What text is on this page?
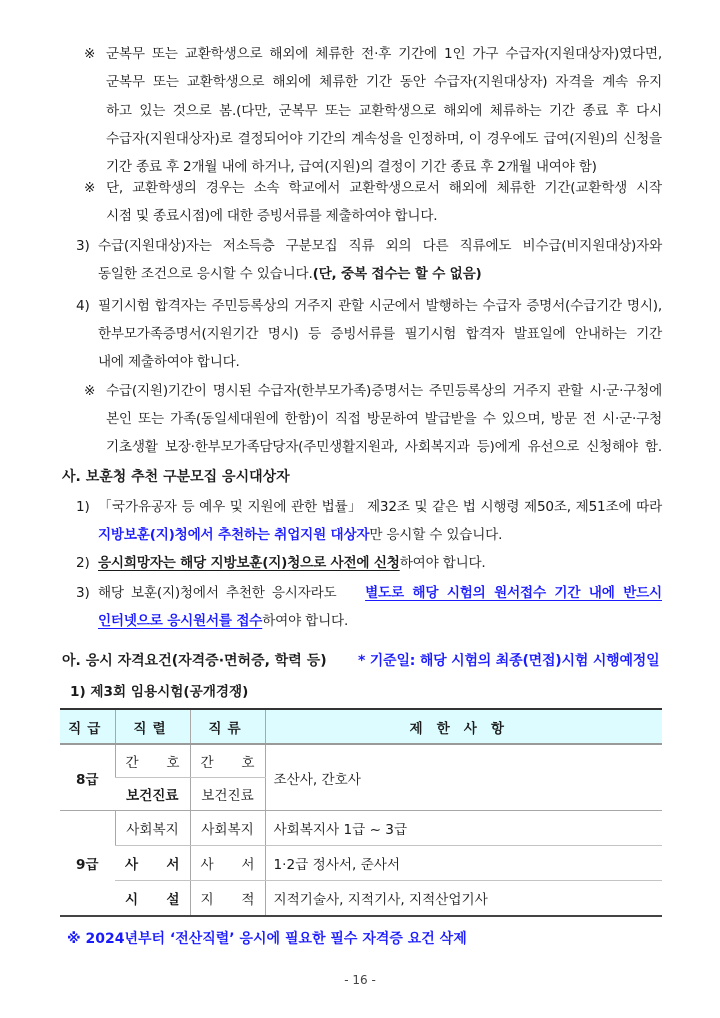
※ 군복무 또는 교환학생으로 해외에 체류한 전·후 기간에 1인 가구 수급자(지원대상자)였다면,
군복무 또는 교환학생으로 해외에 체류한 기간 동안 수급자(지원대상자) 자격을 계속 유지
하고 있는 것으로 봄.(다만, 군복무 또는 교환학생으로 해외에 체류하는 기간 종료 후 다시
수급자(지원대상자)로 결정되어야 기간의 계속성을 인정하며, 이 경우에도 급여(지원)의 신청을
기간 종료 후 2개월 내에 하거나, 급여(지원)의 결정이 기간 종료 후 2개월 내여야 함)
※ 단, 교환학생의 경우는 소속 학교에서 교환학생으로서 해외에 체류한 기간(교환학생 시작
시점 및 종료시점)에 대한 증빙서류를 제출하여야 합니다.
3) 수급(지원대상)자는 저소득층 구분모집 직류 외의 다른 직류에도 비수급(비지원대상)자와
동일한 조건으로 응시할 수 있습니다.(단, 중복 접수는 할 수 없음)
4) 필기시험 합격자는 주민등록상의 거주지 관할 시군에서 발행하는 수급자 증명서(수급기간 명시),
한부모가족증명서(지원기간 명시) 등 증빙서류를 필기시험 합격자 발표일에 안내하는 기간
내에 제출하여야 합니다.
※ 수급(지원)기간이 명시된 수급자(한부모가족)증명서는 주민등록상의 거주지 관할 시·군·구청에
본인 또는 가족(동일세대원에 한함)이 직접 방문하여 발급받을 수 있으며, 방문 전 시·군·구청
기초생활 보장·한부모가족담당자(주민생활지원과, 사회복지과 등)에게 유선으로 신청해야 함.
사. 보훈청 추천 구분모집 응시대상자
1) 「국가유공자 등 예우 및 지원에 관한 법률」 제32조 및 같은 법 시행령 제50조, 제51조에 따라
지방보훈(지)청에서 추천하는 취업지원 대상자만 응시할 수 있습니다.
2) 응시희망자는 해당 지방보훈(지)청으로 사전에 신청하여야 합니다.
3) 해당 보훈(지)청에서 추천한 응시자라도 별도로 해당 시험의 원서접수 기간 내에 반드시
인터넷으로 응시원서를 접수하여야 합니다.
아. 응시 자격요건(자격증·면허증, 학력 등) * 기준일: 해당 시험의 최종(면접)시험 시행예정일
1) 제3회 임용시험(공개경쟁)
직급	직렬	직류	제한사항
8급	간 호	간 호	조산사, 간호사
	보건진료	보건진료	
9급	사회복지	사회복지	사회복지사 1급 ~ 3급

	사 서	사 서	1·2급 정사서, 준사서

	시 설	지 적	지적기술사, 지적기사, 지적산업기사
※ 2024년부터 ‘전산직렬’ 응시에 필요한 필수 자격증 요건 삭제
- 16 -
